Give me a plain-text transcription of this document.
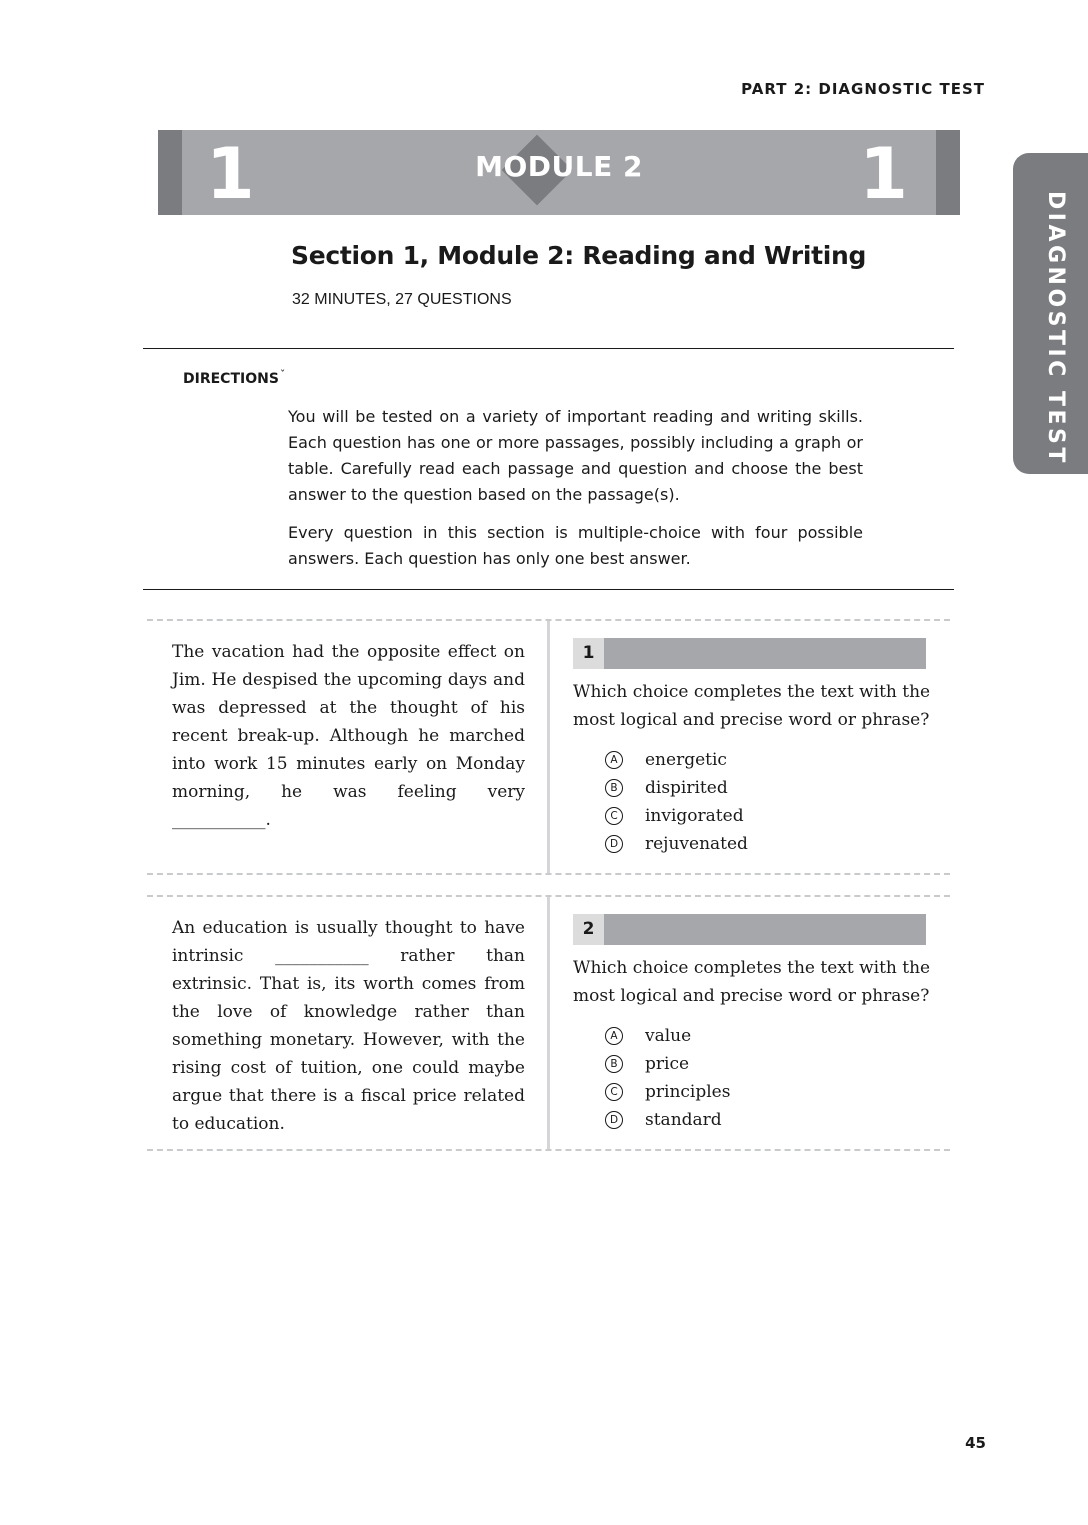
PART 2: DIAGNOSTIC TEST
1	MODULE 2	1
DIAGNOSTIC TEST
Section 1, Module 2: Reading and Writing
32 MINUTES, 27 QUESTIONS
$DIRECTIONS^ˇ$

You will be tested on a variety of important reading and writing skills. Each question has one or more passages, possibly including a graph or table. Carefully read each passage and question and choose the best answer to the question based on the passage(s).

Every question in this section is multiple-choice with four possible answers. Each question has only one best answer.

The vacation had the opposite effect on Jim. He despised the upcoming days and was depressed at the thought of his recent break-up. Although he marched into work 15 minutes early on Monday morning, he was feeling very ___________.
1
Which choice completes the text with the most logical and precise word or phrase?
A	energetic
B	dispirited
C	invigorated
D rejuvenated
An education is usually thought to have intrinsic ___________ rather than extrinsic. That is, its worth comes from the love of knowledge rather than something monetary. However, with the rising cost of tuition, one could maybe argue that there is a fiscal price related to education.
2
Which choice completes the text with the most logical and precise word or phrase?
A	value
B	price
C	principles
D standard
45
